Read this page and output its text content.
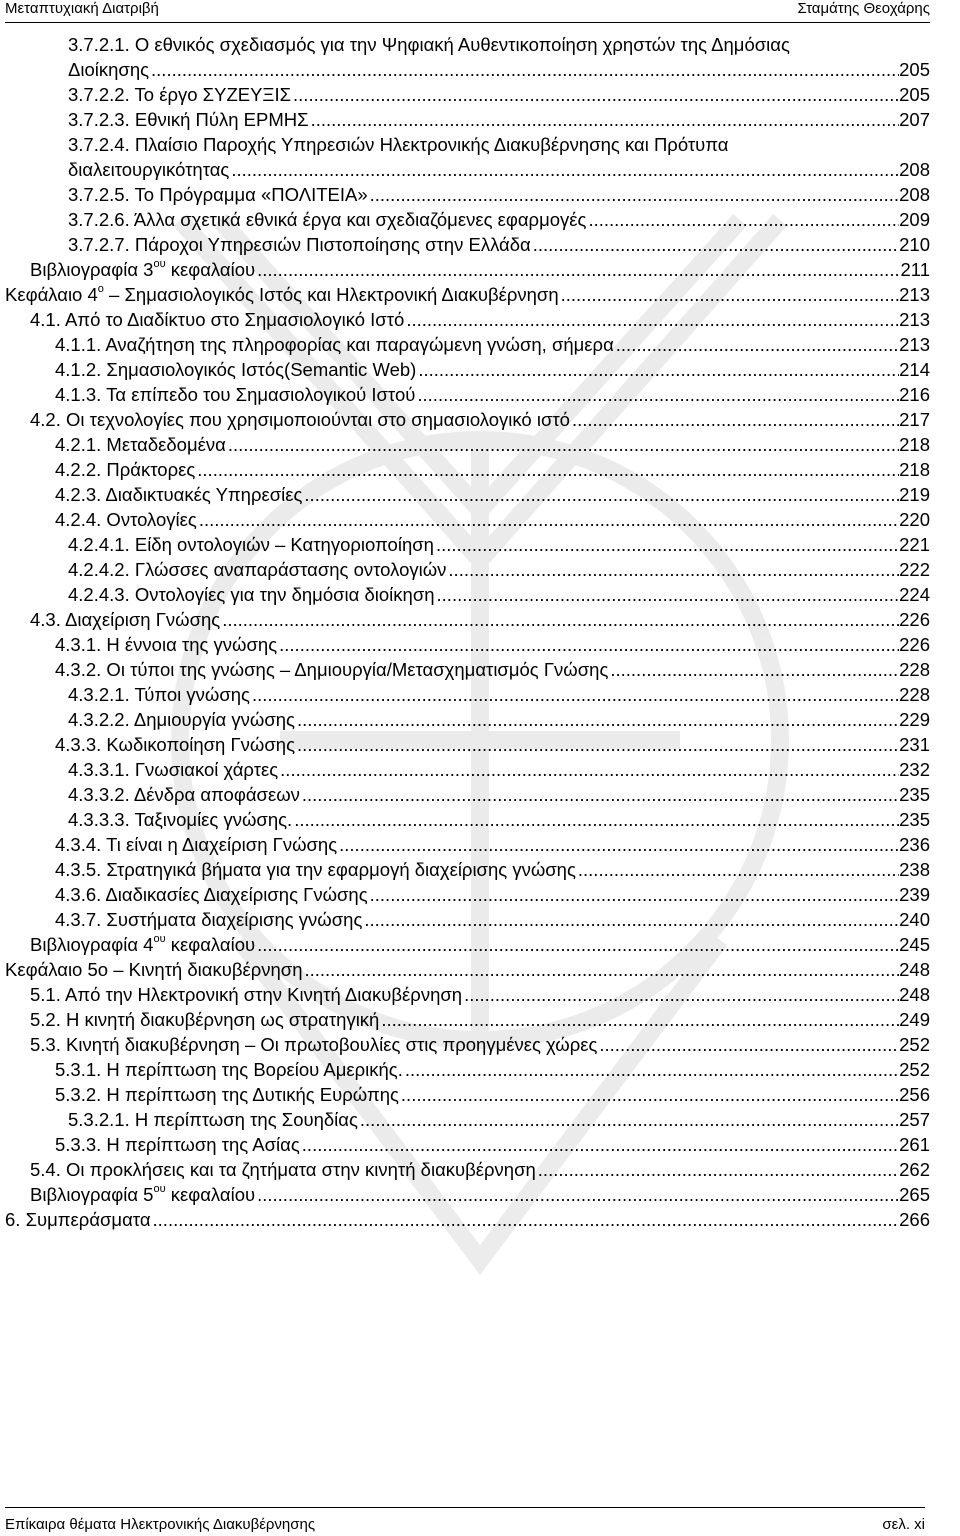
Μεταπτυχιακή Διατριβή	Σταμάτης Θεοχάρης
3.7.2.1. Ο εθνικός σχεδιασμός για την Ψηφιακή Αυθεντικοποίηση χρηστών της Δημόσιας
Διοίκησης .....	205
3.7.2.2. Το έργο ΣΥΖΕΥΞΙΣ .....	205
3.7.2.3. Εθνική Πύλη ΕΡΜΗΣ .....	207
3.7.2.4. Πλαίσιο Παροχής Υπηρεσιών Ηλεκτρονικής Διακυβέρνησης και Πρότυπα
διαλειτουργικότητας .....	208
3.7.2.5. Το Πρόγραμμα «ΠΟΛΙΤΕΙΑ» .....	208
3.7.2.6. Άλλα σχετικά εθνικά έργα και σχεδιαζόμενες εφαρμογές .....	209
3.7.2.7. Πάροχοι Υπηρεσιών Πιστοποίησης στην Ελλάδα .....	210
Βιβλιογραφία $3^{o\upsilon}$ κεφαλαίου .....	211
Κεφάλαιο $4^o$ – Σημασιολογικός Ιστός και Ηλεκτρονική Διακυβέρνηση .....	213
4.1. Από το Διαδίκτυο στο Σημασιολογικό Ιστό .....	213
4.1.1. Αναζήτηση της πληροφορίας και παραγώμενη γνώση, σήμερα .....	213
4.1.2. Σημασιολογικός Ιστός(Semantic Web) .....	214
4.1.3. Τα επίπεδο του Σημασιολογικού Ιστού .....	216
4.2. Οι τεχνολογίες που χρησιμοποιούνται στο σημασιολογικό ιστό .....	217
4.2.1. Μεταδεδομένα .....	218
4.2.2. Πράκτορες .....	218
4.2.3. Διαδικτυακές Υπηρεσίες .....	219
4.2.4. Οντολογίες .....	220
4.2.4.1. Είδη οντολογιών – Κατηγοριοποίηση .....	221
4.2.4.2. Γλώσσες αναπαράστασης οντολογιών .....	222
4.2.4.3. Οντολογίες για την δημόσια διοίκηση .....	224
4.3. Διαχείριση Γνώσης .....	226
4.3.1. Η έννοια της γνώσης .....	226
4.3.2. Οι τύποι της γνώσης – Δημιουργία/Μετασχηματισμός Γνώσης .....	228
4.3.2.1. Τύποι γνώσης .....	228
4.3.2.2. Δημιουργία γνώσης .....	229
4.3.3. Κωδικοποίηση Γνώσης .....	231
4.3.3.1. Γνωσιακοί χάρτες .....	232
4.3.3.2. Δένδρα αποφάσεων .....	235
4.3.3.3. Ταξινομίες γνώσης. .....	235
4.3.4. Τι είναι η Διαχείριση Γνώσης .....	236
4.3.5. Στρατηγικά βήματα για την εφαρμογή διαχείρισης γνώσης .....	238
4.3.6. Διαδικασίες Διαχείρισης Γνώσης .....	239
4.3.7. Συστήματα διαχείρισης γνώσης .....	240
Βιβλιογραφία $4^{o\upsilon}$ κεφαλαίου .....	245
Κεφάλαιο 5ο – Κινητή διακυβέρνηση .....	248
5.1. Από την Ηλεκτρονική στην Κινητή Διακυβέρνηση .....	248
5.2. Η κινητή διακυβέρνηση ως στρατηγική .....	249
5.3. Κινητή διακυβέρνηση – Οι πρωτοβουλίες στις προηγμένες χώρες .....	252
5.3.1. Η περίπτωση της Βορείου Αμερικής. .....	252
5.3.2. Η περίπτωση της Δυτικής Ευρώπης .....	256
5.3.2.1. Η περίπτωση της Σουηδίας .....	257
5.3.3. Η περίπτωση της Ασίας .....	261
5.4. Οι προκλήσεις και τα ζητήματα στην κινητή διακυβέρνηση .....	262
Βιβλιογραφία $5^{o\upsilon}$ κεφαλαίου .....	265
6. Συμπεράσματα .....	266
Επίκαιρα θέματα Ηλεκτρονικής Διακυβέρνησης	σελ. xi
